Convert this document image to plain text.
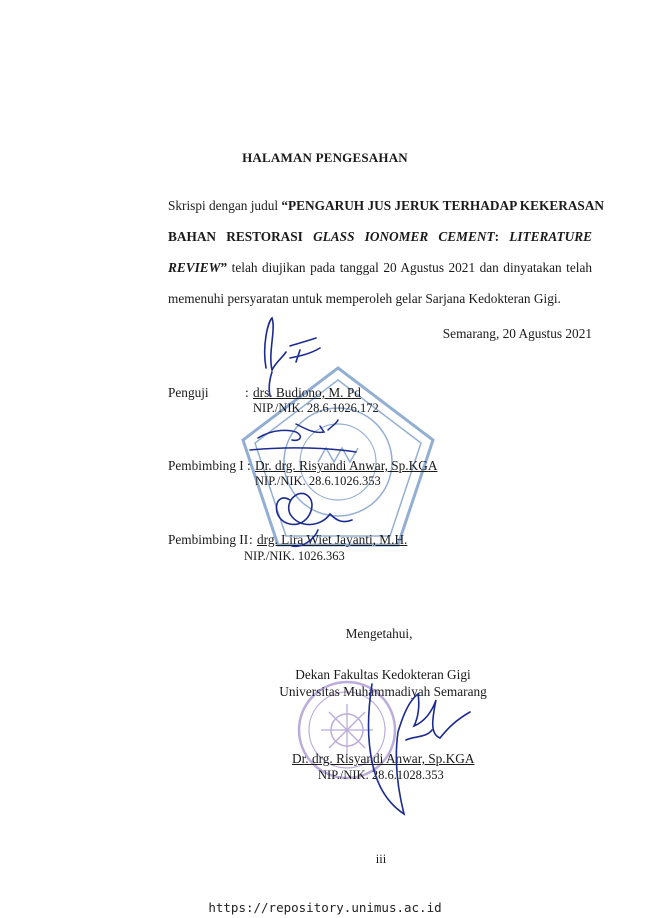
HALAMAN PENGESAHAN
Skrispi dengan judul “PENGARUH JUS JERUK TERHADAP KEKERASAN
BAHAN RESTORASI GLASS IONOMER CEMENT: LITERATURE
REVIEW” telah diujikan pada tanggal 20 Agustus 2021 dan dinyatakan telah
memenuhi persyaratan untuk memperoleh gelar Sarjana Kedokteran Gigi.
Semarang, 20 Agustus 2021
Penguji	: drs. Budiono, M. Pd
NIP./NIK. 28.6.1026.172
Pembimbing I : Dr. drg. Risyandi Anwar, Sp.KGA
NIP./NIK. 28.6.1026.353
Pembimbing II : drg. Lira Wiet Jayanti, M.H.
NIP./NIK. 1026.363
Mengetahui,
Dekan Fakultas Kedokteran Gigi
Universitas Muhammadiyah Semarang
Dr. drg. Risyandi Anwar, Sp.KGA
NIP./NIK. 28.6.1028.353
iii
https://repository.unimus.ac.id
